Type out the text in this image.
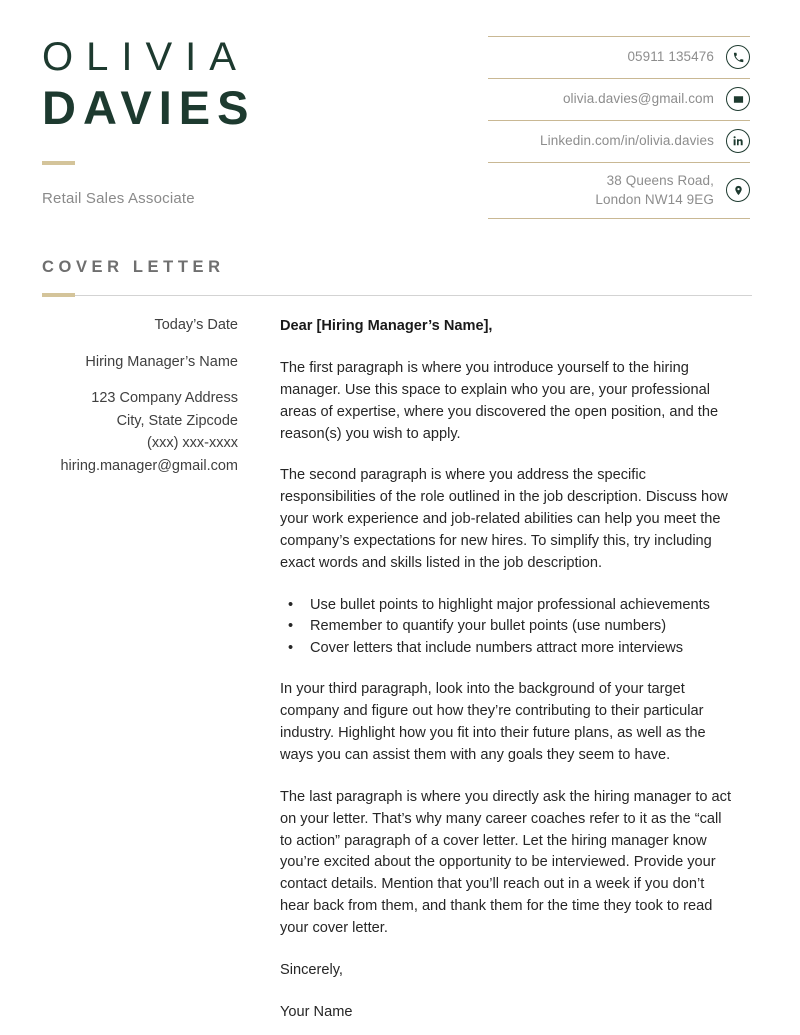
OLIVIA
DAVIES
Retail Sales Associate
05911 135476
olivia.davies@gmail.com
Linkedin.com/in/olivia.davies
38 Queens Road,
London NW14 9EG
COVER LETTER
Today’s Date
Hiring Manager’s Name
123 Company Address
City, State Zipcode
(xxx) xxx-xxxx
hiring.manager@gmail.com
Dear [Hiring Manager’s Name],
The first paragraph is where you introduce yourself to the hiring manager. Use this space to explain who you are, your professional areas of expertise, where you discovered the open position, and the reason(s) you wish to apply.
The second paragraph is where you address the specific responsibilities of the role outlined in the job description. Discuss how your work experience and job-related abilities can help you meet the company’s expectations for new hires. To simplify this, try including exact words and skills listed in the job description.
•	Use bullet points to highlight major professional achievements
•	Remember to quantify your bullet points (use numbers)
•	Cover letters that include numbers attract more interviews
In your third paragraph, look into the background of your target company and figure out how they’re contributing to their particular industry. Highlight how you fit into their future plans, as well as the ways you can assist them with any goals they seem to have.
The last paragraph is where you directly ask the hiring manager to act on your letter. That’s why many career coaches refer to it as the “call to action” paragraph of a cover letter. Let the hiring manager know you’re excited about the opportunity to be interviewed. Provide your contact details. Mention that you’ll reach out in a week if you don’t hear back from them, and thank them for the time they took to read your cover letter.
Sincerely,
Your Name
